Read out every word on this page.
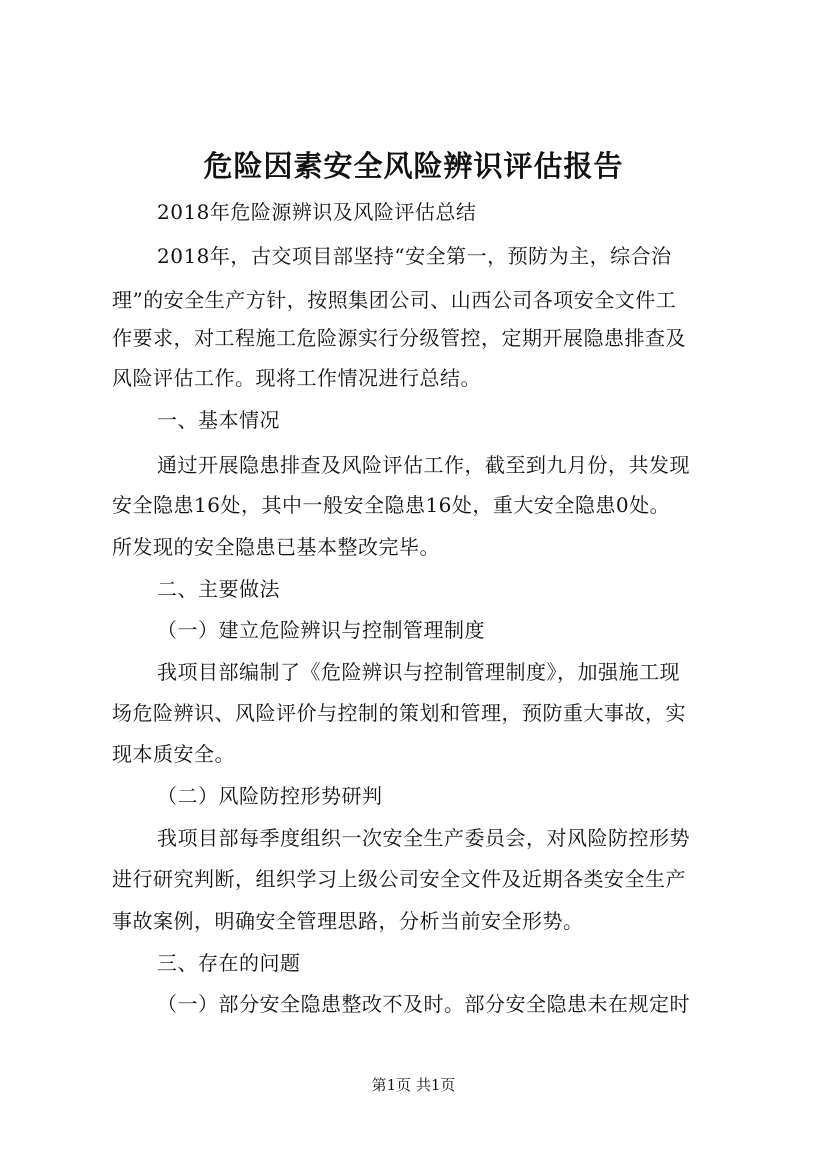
危险因素安全风险辨识评估报告
2018年危险源辨识及风险评估总结
2018年，古交项目部坚持“安全第一，预防为主，综合治
理”的安全生产方针，按照集团公司、山西公司各项安全文件工
作要求，对工程施工危险源实行分级管控，定期开展隐患排查及
风险评估工作。现将工作情况进行总结。
一、基本情况
通过开展隐患排查及风险评估工作，截至到九月份，共发现
安全隐患16处，其中一般安全隐患16处，重大安全隐患0处。
所发现的安全隐患已基本整改完毕。
二、主要做法
（一）建立危险辨识与控制管理制度
我项目部编制了《危险辨识与控制管理制度》，加强施工现
场危险辨识、风险评价与控制的策划和管理，预防重大事故，实
现本质安全。
（二）风险防控形势研判
我项目部每季度组织一次安全生产委员会，对风险防控形势
进行研究判断，组织学习上级公司安全文件及近期各类安全生产
事故案例，明确安全管理思路，分析当前安全形势。
三、存在的问题
（一）部分安全隐患整改不及时。部分安全隐患未在规定时
第1页 共1页
